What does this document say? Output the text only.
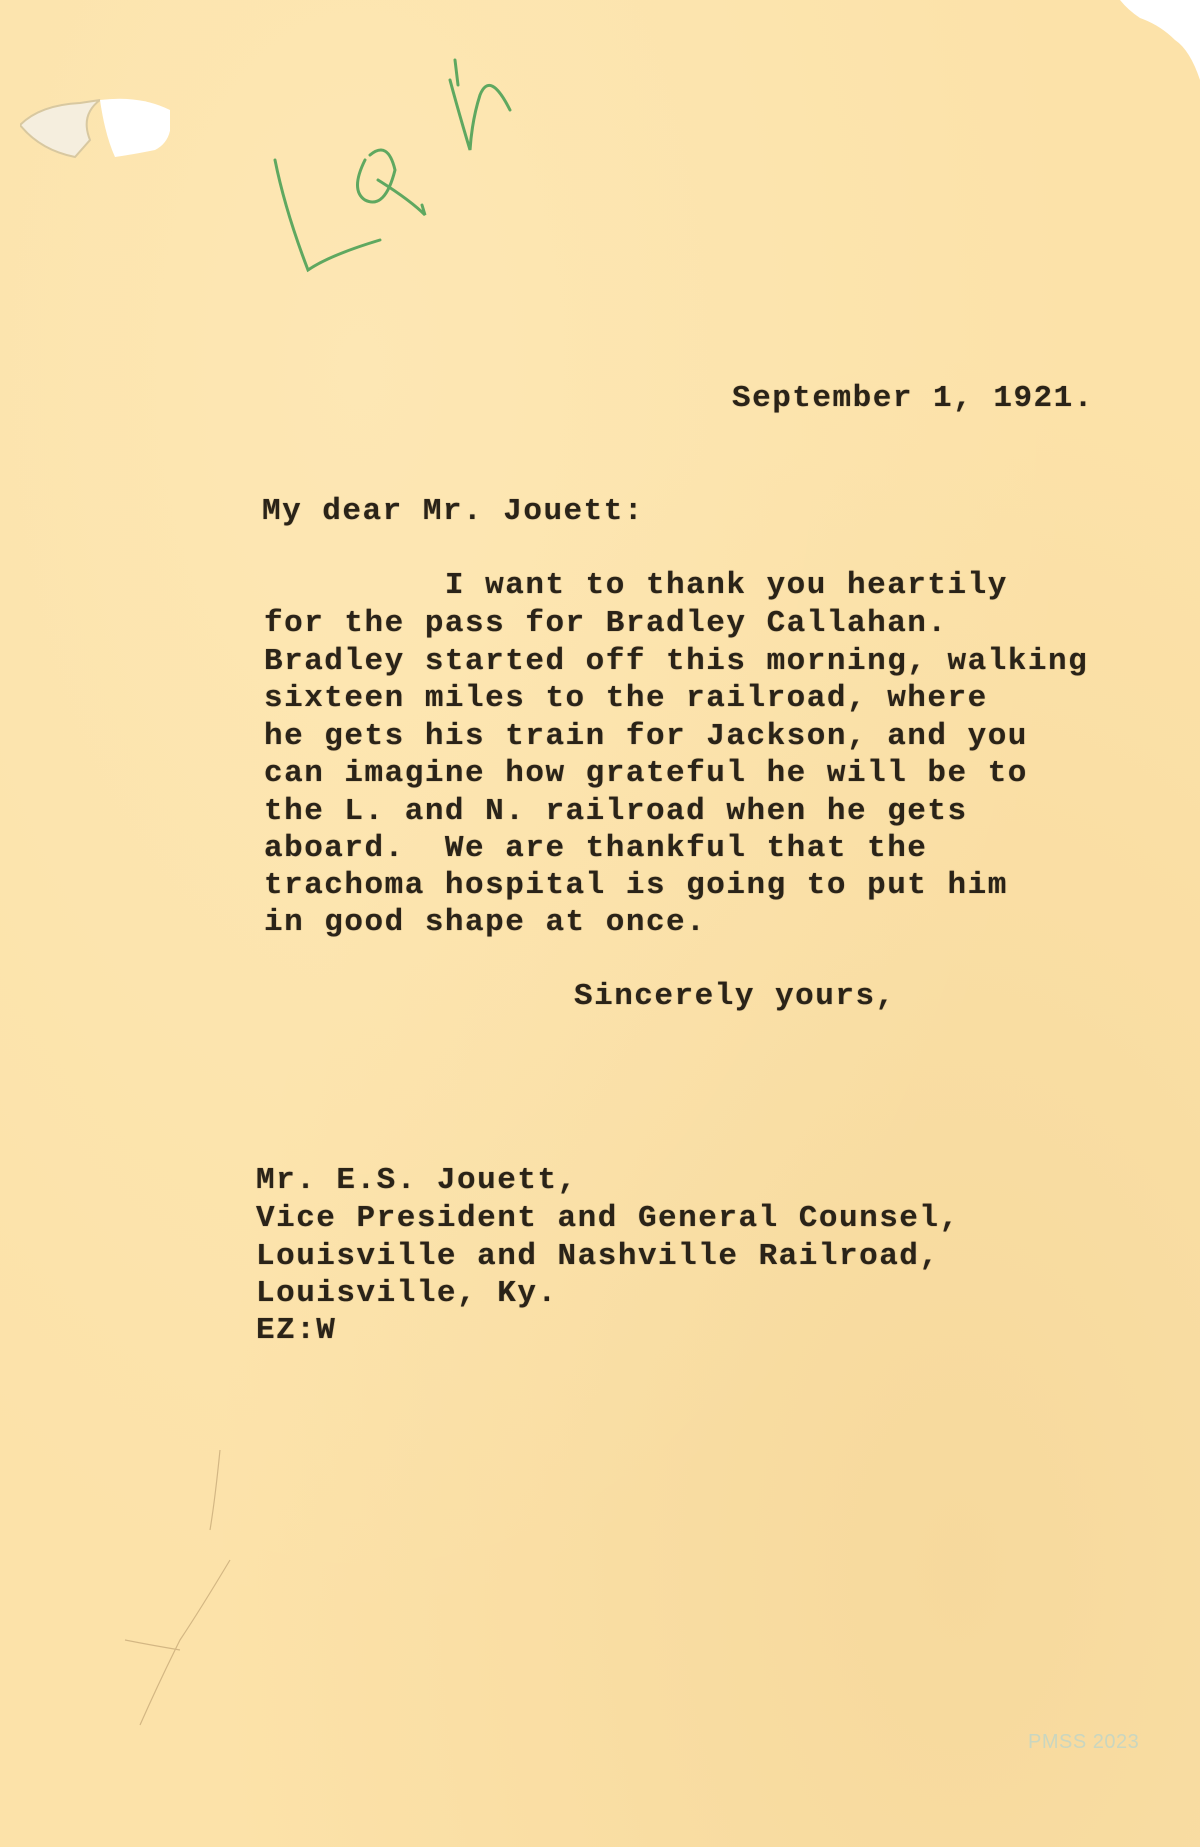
September 1, 1921.

My dear Mr. Jouett:

I want to thank you heartily

for the pass for Bradley Callahan.

Bradley started off this morning, walking

sixteen miles to the railroad, where

he gets his train for Jackson, and you

can imagine how grateful he will be to

the L. and N. railroad when he gets

aboard.  We are thankful that the

trachoma hospital is going to put him

in good shape at once.

Sincerely yours,

Mr. E.S. Jouett,

Vice President and General Counsel,

Louisville and Nashville Railroad,

Louisville, Ky.

EZ:W

PMSS 2023
